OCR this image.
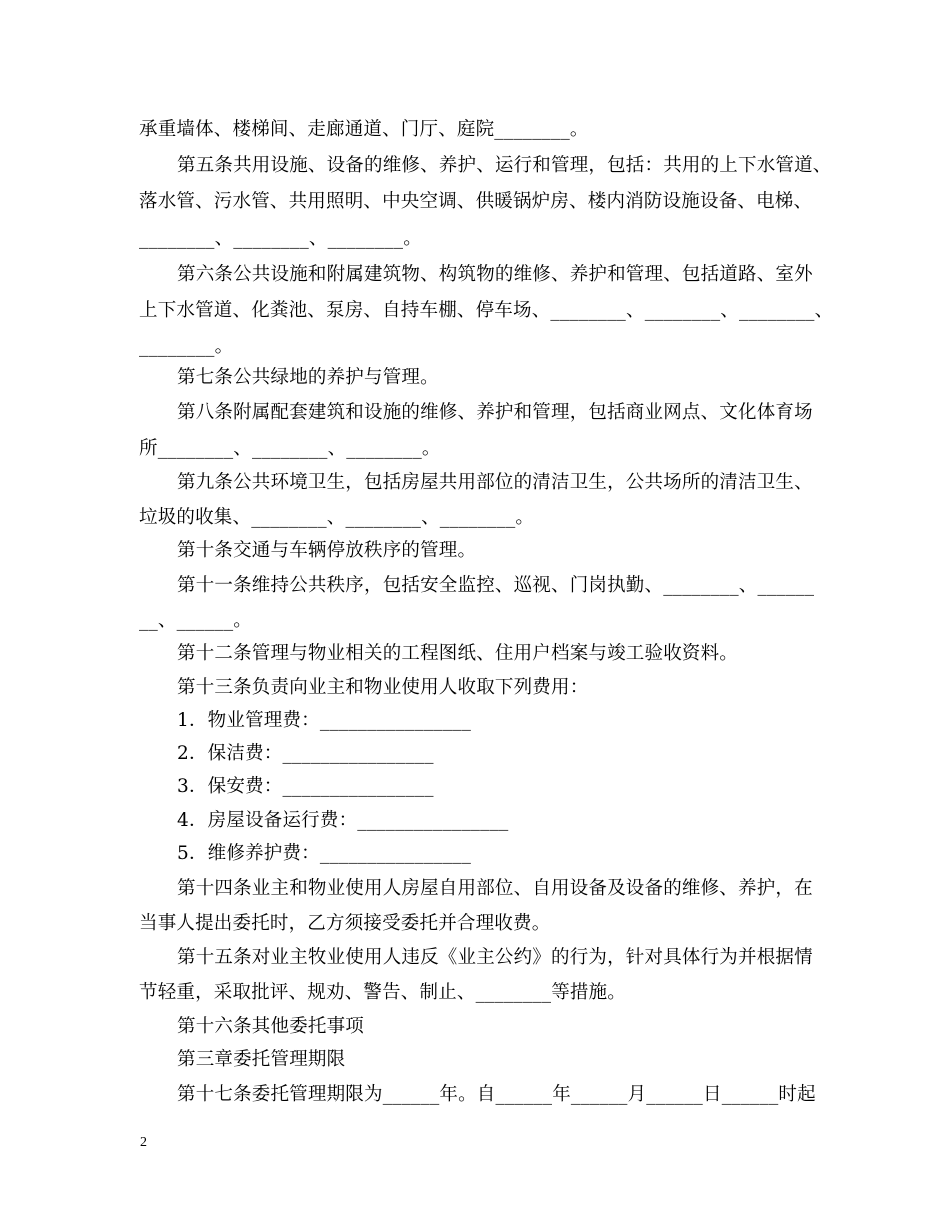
承重墙体、楼梯间、走廊通道、门厅、庭院________。
第五条共用设施、设备的维修、养护、运行和管理，包括：共用的上下水管道、
落水管、污水管、共用照明、中央空调、供暖锅炉房、楼内消防设施设备、电梯、
________、________、________。
第六条公共设施和附属建筑物、构筑物的维修、养护和管理、包括道路、室外
上下水管道、化粪池、泵房、自持车棚、停车场、________、________、________、
________。
第七条公共绿地的养护与管理。
第八条附属配套建筑和设施的维修、养护和管理，包括商业网点、文化体育场
所________、________、________。
第九条公共环境卫生，包括房屋共用部位的清洁卫生，公共场所的清洁卫生、
垃圾的收集、________、________、________。
第十条交通与车辆停放秩序的管理。
第十一条维持公共秩序，包括安全监控、巡视、门岗执勤、________、______
__、______。
第十二条管理与物业相关的工程图纸、住用户档案与竣工验收资料。
第十三条负责向业主和物业使用人收取下列费用：
1．物业管理费：________________
2．保洁费：________________
3．保安费：________________
4．房屋设备运行费：________________
5．维修养护费：________________
第十四条业主和物业使用人房屋自用部位、自用设备及设备的维修、养护，在
当事人提出委托时，乙方须接受委托并合理收费。
第十五条对业主牧业使用人违反《业主公约》的行为，针对具体行为并根据情
节轻重，采取批评、规劝、警告、制止、________等措施。
第十六条其他委托事项
第三章委托管理期限
第十七条委托管理期限为______年。自______年______月______日______时起
2
